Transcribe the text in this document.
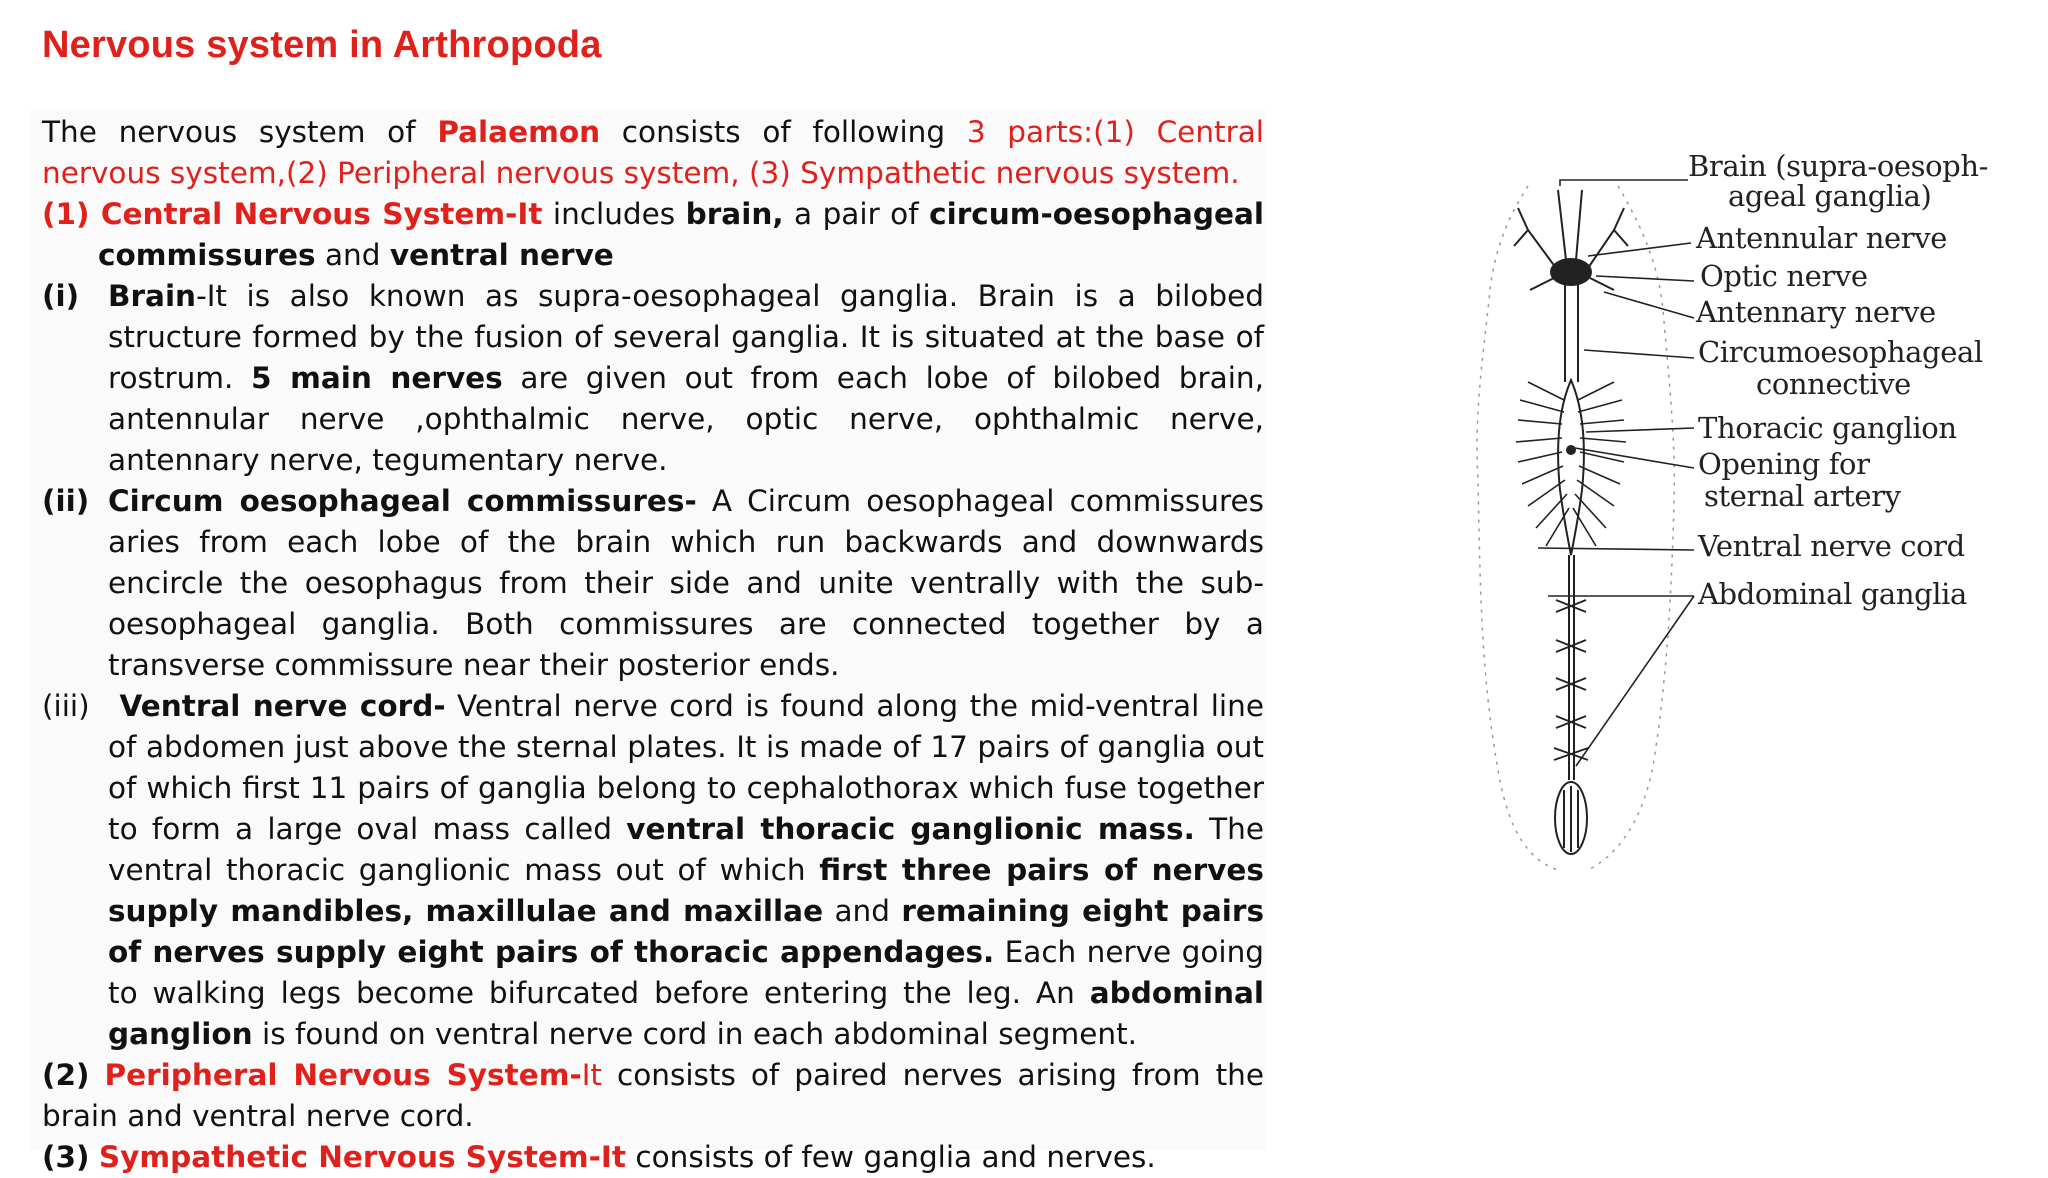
Nervous system in Arthropoda

The nervous system of Palaemon consists of following 3 parts:(1) Central nervous system,(2) Peripheral nervous system, (3) Sympathetic nervous system.

(1) Central Nervous System-It includes brain, a pair of circum-oesophageal commissures and ventral nerve

(i) Brain-It is also known as supra-oesophageal ganglia. Brain is a bilobed structure formed by the fusion of several ganglia. It is situated at the base of rostrum. 5 main nerves are given out from each lobe of bilobed brain, antennular nerve ,ophthalmic nerve, optic nerve, ophthalmic nerve, antennary nerve, tegumentary nerve.
(ii) Circum oesophageal commissures- A Circum oesophageal commissures aries from each lobe of the brain which run backwards and downwards encircle the oesophagus from their side and unite ventrally with the sub-oesophageal ganglia. Both commissures are connected together by a transverse commissure near their posterior ends.
(iii) Ventral nerve cord- Ventral nerve cord is found along the mid-ventral line of abdomen just above the sternal plates. It is made of 17 pairs of ganglia out of which first 11 pairs of ganglia belong to cephalothorax which fuse together to form a large oval mass called ventral thoracic ganglionic mass. The ventral thoracic ganglionic mass out of which first three pairs of nerves supply mandibles, maxillulae and maxillae and remaining eight pairs of nerves supply eight pairs of thoracic appendages. Each nerve going to walking legs become bifurcated before entering the leg. An abdominal ganglion is found on ventral nerve cord in each abdominal segment.

(2) Peripheral Nervous System-It consists of paired nerves arising from the brain and ventral nerve cord.

(3) Sympathetic Nervous System-It consists of few ganglia and nerves.

Brain (supra-oesoph-
ageal ganglia)
Antennular nerve
Optic nerve
Antennary nerve
Circumoesophageal
connective
Thoracic ganglion
Opening for
sternal artery
Ventral nerve cord
Abdominal ganglia
